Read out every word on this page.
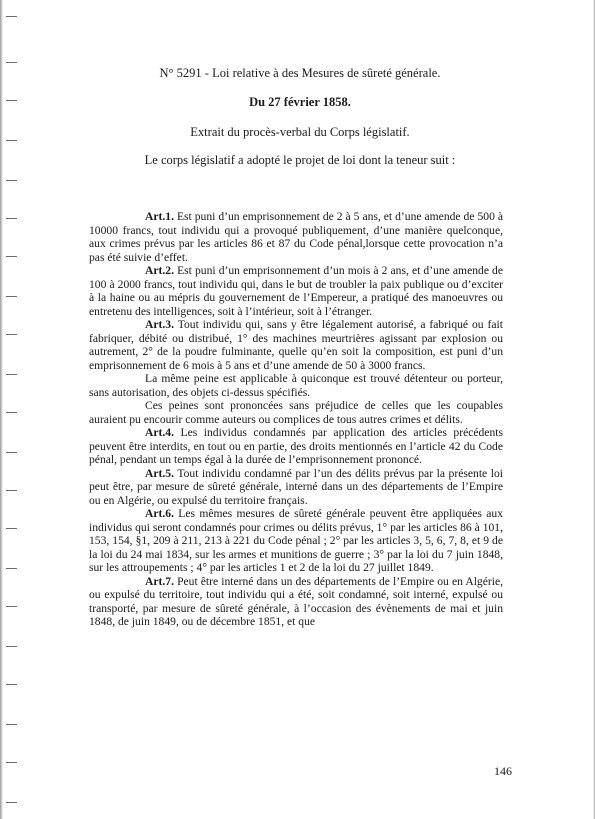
N° 5291 - Loi relative à des Mesures de sûreté générale.

Du 27 février 1858.

Extrait du procès-verbal du Corps législatif.

Le corps législatif a adopté le projet de loi dont la teneur suit :

Art.1. Est puni d’un emprisonnement de 2 à 5 ans, et d’une amende de 500 à 10000 francs, tout individu qui a provoqué publiquement, d’une manière quelconque, aux crimes prévus par les articles 86 et 87 du Code pénal,lorsque cette provocation n’a pas été suivie d’effet.

Art.2. Est puni d’un emprisonnement d’un mois à 2 ans, et d’une amende de 100 à 2000 francs, tout individu qui, dans le but de troubler la paix publique ou d’exciter à la haine ou au mépris du gouvernement de l’Empereur, a pratiqué des manoeuvres ou entretenu des intelligences, soit à l’intérieur, soit à l’étranger.

Art.3. Tout individu qui, sans y être légalement autorisé, a fabriqué ou fait fabriquer, débité ou distribué, 1° des machines meurtrières agissant par explosion ou autrement, 2° de la poudre fulminante, quelle qu’en soit la composition, est puni d’un emprisonnement de 6 mois à 5 ans et d’une amende de 50 à 3000 francs.

La même peine est applicable à quiconque est trouvé détenteur ou porteur, sans autorisation, des objets ci-dessus spécifiés.

Ces peines sont prononcées sans préjudice de celles que les coupables auraient pu encourir comme auteurs ou complices de tous autres crimes et délits.

Art.4. Les individus condamnés par application des articles précédents peuvent être interdits, en tout ou en partie, des droits mentionnés en l’article 42 du Code pénal, pendant un temps égal à la durée de l’emprisonnement prononcé.

Art.5. Tout individu condamné par l’un des délits prévus par la présente loi peut être, par mesure de sûreté générale, interné dans un des départements de l’Empire ou en Algérie, ou expulsé du territoire français.

Art.6. Les mêmes mesures de sûreté générale peuvent être appliquées aux individus qui seront condamnés pour crimes ou délits prévus, 1° par les articles 86 à 101, 153, 154, §1, 209 à 211, 213 à 221 du Code pénal ; 2° par les articles 3, 5, 6, 7, 8, et 9 de la loi du 24 mai 1834, sur les armes et munitions de guerre ; 3° par la loi du 7 juin 1848, sur les attroupements ; 4° par les articles 1 et 2 de la loi du 27 juillet 1849.

Art.7. Peut être interné dans un des départements de l’Empire ou en Algérie, ou expulsé du territoire, tout individu qui a été, soit condamné, soit interné, expulsé ou transporté, par mesure de sûreté générale, à l’occasion des évènements de mai et juin 1848, de juin 1849, ou de décembre 1851, et que

146
